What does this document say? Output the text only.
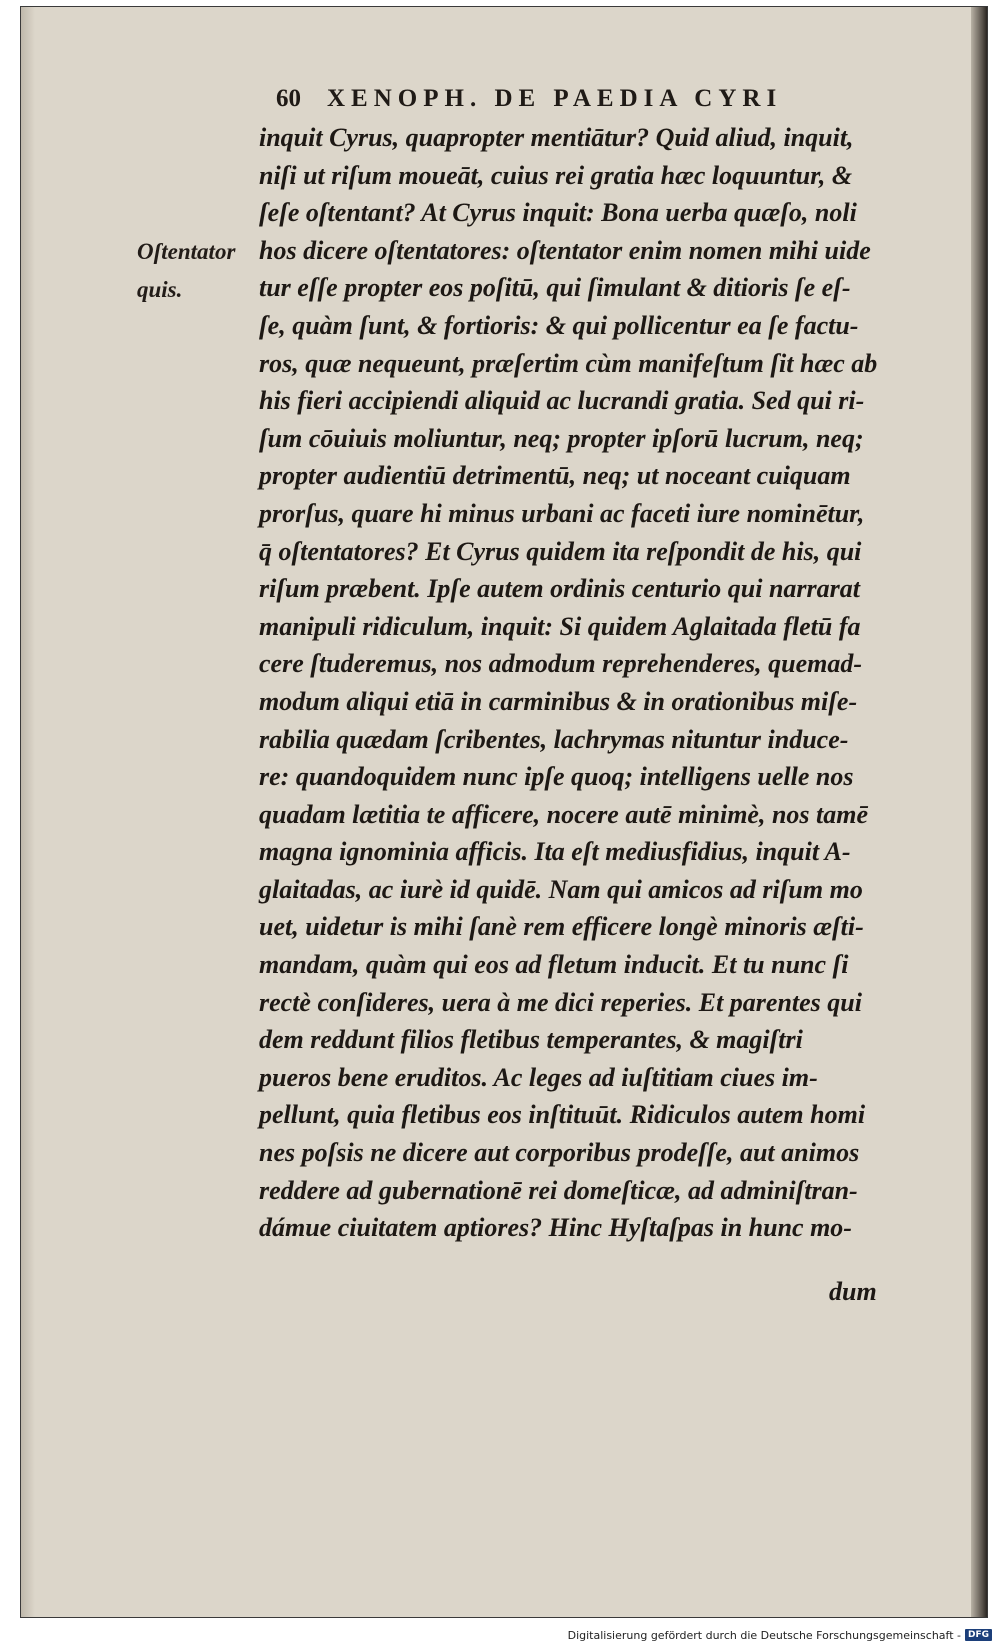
60 XENOPH. DE PAEDIA CYRI
Oſtentator
quis.
inquit Cyrus, quapropter mentiātur? Quid aliud, inquit,
niſi ut riſum moueāt, cuius rei gratia hæc loquuntur, &
ſeſe oſtentant? At Cyrus inquit: Bona uerba quæſo, noli
hos dicere oſtentatores: oſtentator enim nomen mihi uide
tur eſſe propter eos poſitū, qui ſimulant & ditioris ſe eſ-
ſe, quàm ſunt, & fortioris: & qui pollicentur ea ſe factu-
ros, quæ nequeunt, præſertim cùm manifeſtum ſit hæc ab
his fieri accipiendi aliquid ac lucrandi gratia. Sed qui ri-
ſum cōuiuis moliuntur, neq; propter ipſorū lucrum, neq;
propter audientiū detrimentū, neq; ut noceant cuiquam
prorſus, quare hi minus urbani ac faceti iure nominētur,
q̄ oſtentatores? Et Cyrus quidem ita reſpondit de his, qui
riſum præbent. Ipſe autem ordinis centurio qui narrarat
manipuli ridiculum, inquit: Si quidem Aglaitada fletū fa
cere ſtuderemus, nos admodum reprehenderes, quemad-
modum aliqui etiā in carminibus & in orationibus miſe-
rabilia quædam ſcribentes, lachrymas nituntur induce-
re: quandoquidem nunc ipſe quoq; intelligens uelle nos
quadam lætitia te afficere, nocere autē minimè, nos tamē
magna ignominia afficis. Ita eſt mediusfidius, inquit A-
glaitadas, ac iurè id quidē. Nam qui amicos ad riſum mo
uet, uidetur is mihi ſanè rem efficere longè minoris æſti-
mandam, quàm qui eos ad fletum inducit. Et tu nunc ſi
rectè conſideres, uera à me dici reperies. Et parentes qui
dem reddunt filios fletibus temperantes, & magiſtri
pueros bene eruditos. Ac leges ad iuſtitiam ciues im-
pellunt, quia fletibus eos inſtituūt. Ridiculos autem homi
nes poſsis ne dicere aut corporibus prodeſſe, aut animos
reddere ad gubernationē rei domeſticæ, ad adminiſtran-
dámue ciuitatem aptiores? Hinc Hyſtaſpas in hunc mo-
dum
Digitalisierung gefördert durch die Deutsche Forschungsgemeinschaft - DFG
